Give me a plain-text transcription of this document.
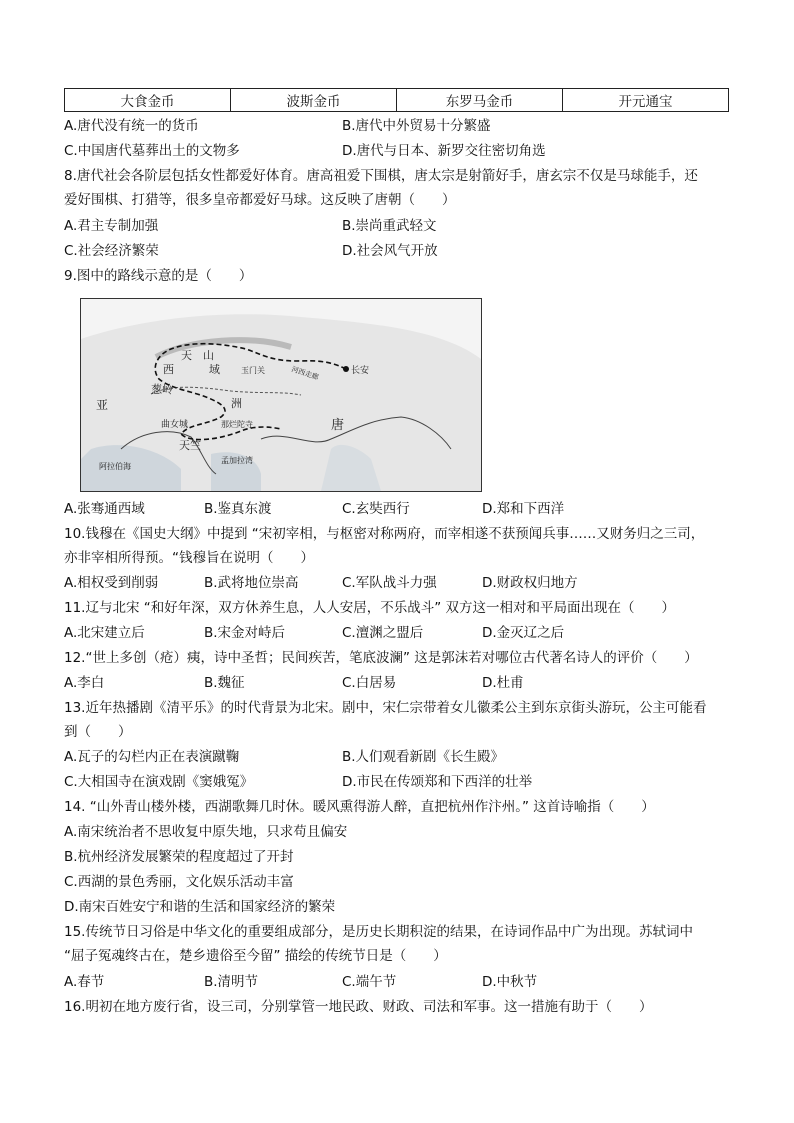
大食金币	波斯金币	东罗马金币	开元通宝
A.唐代没有统一的货币	B.唐代中外贸易十分繁盛
C.中国唐代墓葬出土的文物多	D.唐代与日本、新罗交往密切角选
8.唐代社会各阶层包括女性都爱好体育。唐高祖爱下围棋，唐太宗是射箭好手，唐玄宗不仅是马球能手，还
爱好围棋、打猎等，很多皇帝都爱好马球。这反映了唐朝（　　）
A.君主专制加强	B.崇尚重武轻文
C.社会经济繁荣	D.社会风气开放
9.图中的路线示意的是（　　）
天　山
西	域	玉门关	河西走廊
葱岭
洲
亚
长安
唐
曲女城	那烂陀寺
天竺
阿拉伯海
孟加拉湾
A.张骞通西域	B.鉴真东渡	C.玄奘西行	D.郑和下西洋
10.钱穆在《国史大纲》中提到 “宋初宰相，与枢密对称两府，而宰相遂不获预闻兵事……又财务归之三司，
亦非宰相所得预。“钱穆旨在说明（　　）
A.相权受到削弱	B.武将地位崇高	C.军队战斗力强	D.财政权归地方
11.辽与北宋 “和好年深，双方休养生息，人人安居，不乐战斗” 双方这一相对和平局面出现在（　　）
A.北宋建立后	B.宋金对峙后	C.澶渊之盟后	D.金灭辽之后
12.“世上多创（疮）痍，诗中圣哲；民间疾苦，笔底波澜” 这是郭沫若对哪位古代著名诗人的评价（　　）
A.李白	B.魏征	C.白居易	D.杜甫
13.近年热播剧《清平乐》的时代背景为北宋。剧中，宋仁宗带着女儿徽柔公主到东京街头游玩，公主可能看
到（　　）
A.瓦子的勾栏内正在表演蹴鞠	B.人们观看新剧《长生殿》
C.大相国寺在演戏剧《窦娥冤》	D.市民在传颂郑和下西洋的壮举
14. “山外青山楼外楼，西湖歌舞几时休。暖风熏得游人醉，直把杭州作汴州。” 这首诗喻指（　　）
A.南宋统治者不思收复中原失地，只求苟且偏安
B.杭州经济发展繁荣的程度超过了开封
C.西湖的景色秀丽，文化娱乐活动丰富
D.南宋百姓安宁和谐的生活和国家经济的繁荣
15.传统节日习俗是中华文化的重要组成部分，是历史长期积淀的结果，在诗词作品中广为出现。苏轼词中
“屈子冤魂终古在，楚乡遗俗至今留” 描绘的传统节日是（　　）
A.春节	B.清明节	C.端午节	D.中秋节
16.明初在地方废行省，设三司，分别掌管一地民政、财政、司法和军事。这一措施有助于（　　）
